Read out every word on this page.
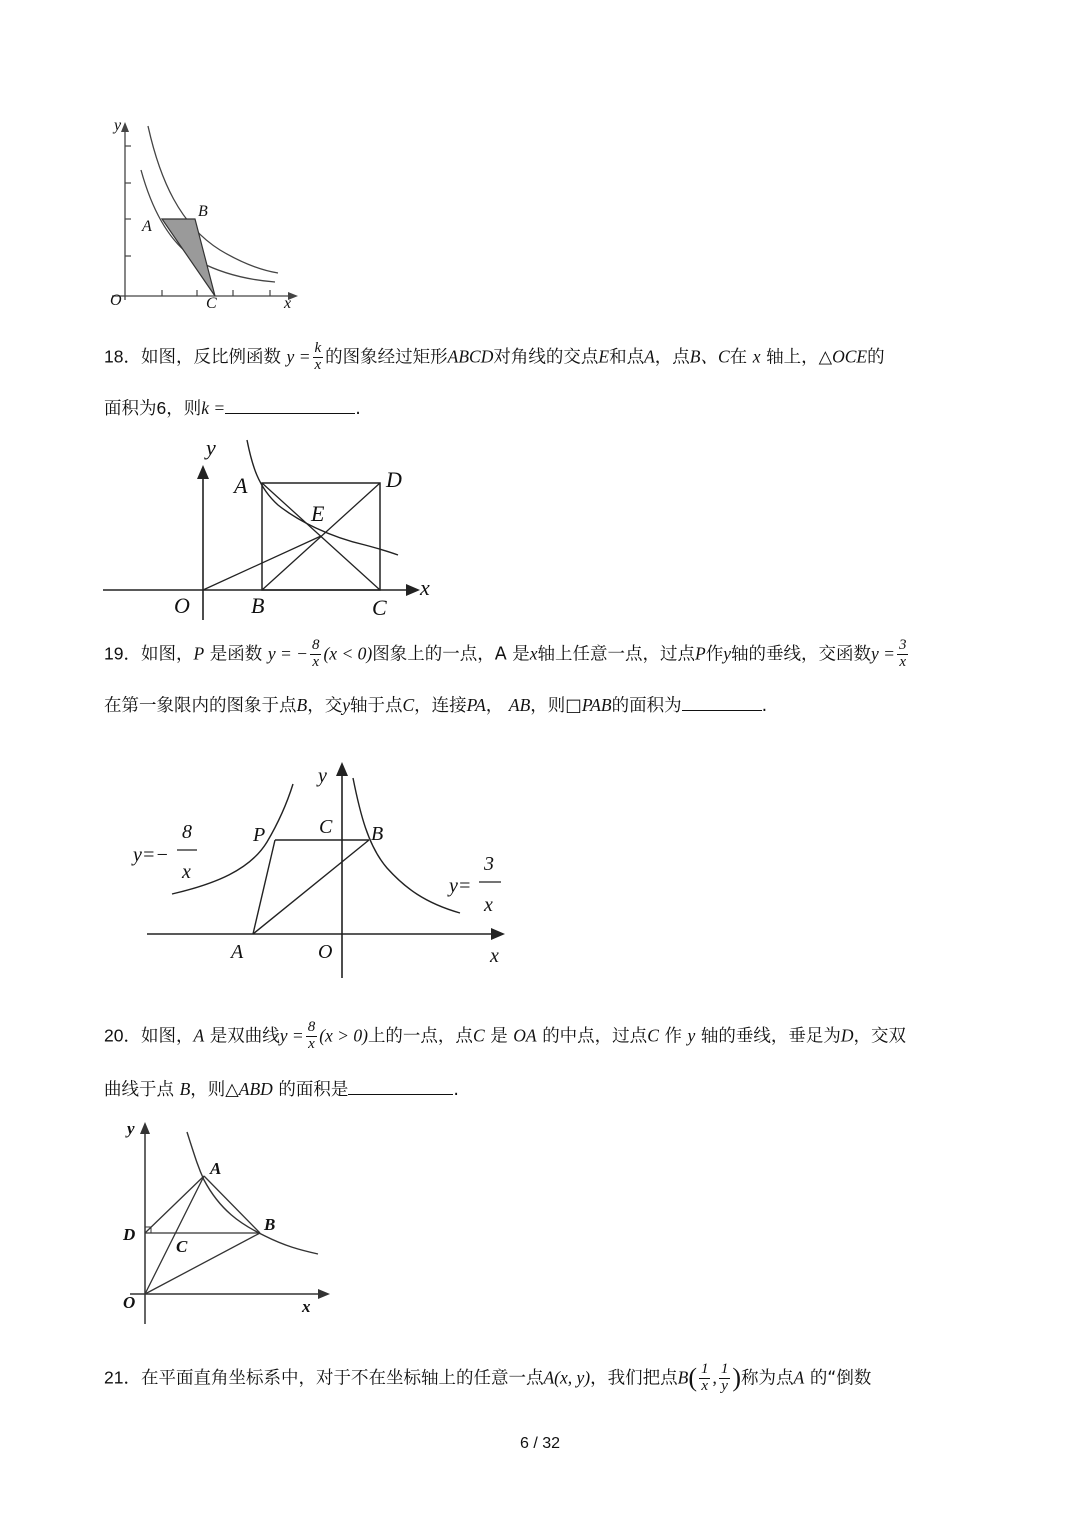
y
x
O
A
B
C
18．如图，反比例函数 $y = \frac{k}{x}$ 的图象经过矩形ABCD对角线的交点E和点A，点B、C在 x 轴上，△OCE的
面积为6，则k =	.
y
x
O
A	D
E
B	C
19．如图，P 是函数 y = − $\frac{8}{x} (x < 0)$图象上的一点，A 是x轴上任意一点，过点P作y轴的垂线，交函数$y = \frac{3}{x}$
在第一象限内的图象于点B，交y轴于点C，连接PA， AB，则□PAB的面积为	.
y
x
O
A
P	C B
y=−
8
x
y=
3
x
20．如图，A 是双曲线$y = \frac{8}{x} (x > 0)$上的一点，点C 是 OA 的中点，过点C 作 y 轴的垂线，垂足为D，交双
曲线于点 B，则△ABD 的面积是	.
y
x
O
A
B
C
D
21．在平面直角坐标系中，对于不在坐标轴上的任意一点A(x, y)，我们把点$B( \frac{1}{x}$ , $\frac{1}{y}$ )称为点A 的“倒数
6 / 32
